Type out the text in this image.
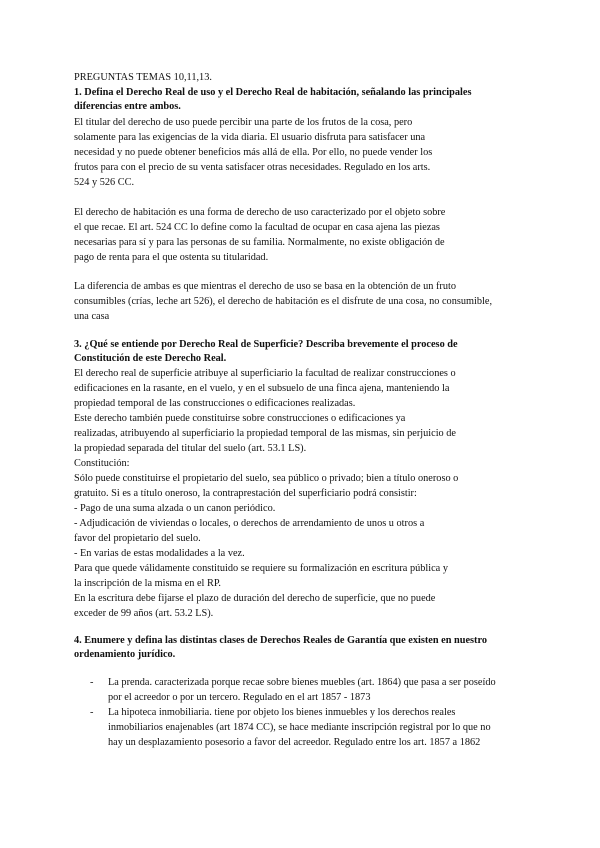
PREGUNTAS TEMAS 10,11,13.
1. Defina el Derecho Real de uso y el Derecho Real de habitación, señalando las principales
diferencias entre ambos.
El titular del derecho de uso puede percibir una parte de los frutos de la cosa, pero
solamente para las exigencias de la vida diaria. El usuario disfruta para satisfacer una
necesidad y no puede obtener beneficios más allá de ella. Por ello, no puede vender los
frutos para con el precio de su venta satisfacer otras necesidades. Regulado en los arts.
524 y 526 CC.
El derecho de habitación es una forma de derecho de uso caracterizado por el objeto sobre
el que recae. El art. 524 CC lo define como la facultad de ocupar en casa ajena las piezas
necesarias para sí y para las personas de su familia. Normalmente, no existe obligación de
pago de renta para el que ostenta su titularidad.
La diferencia de ambas es que mientras el derecho de uso se basa en la obtención de un fruto
consumibles (crías, leche art 526), el derecho de habitación es el disfrute de una cosa, no consumible,
una casa
3. ¿Qué se entiende por Derecho Real de Superficie? Describa brevemente el proceso de
Constitución de este Derecho Real.
El derecho real de superficie atribuye al superficiario la facultad de realizar construcciones o
edificaciones en la rasante, en el vuelo, y en el subsuelo de una finca ajena, manteniendo la
propiedad temporal de las construcciones o edificaciones realizadas.
Este derecho también puede constituirse sobre construcciones o edificaciones ya
realizadas, atribuyendo al superficiario la propiedad temporal de las mismas, sin perjuicio de
la propiedad separada del titular del suelo (art. 53.1 LS).
Constitución:
Sólo puede constituirse el propietario del suelo, sea público o privado; bien a título oneroso o
gratuito. Si es a título oneroso, la contraprestación del superficiario podrá consistir:
- Pago de una suma alzada o un canon periódico.
- Adjudicación de viviendas o locales, o derechos de arrendamiento de unos u otros a
favor del propietario del suelo.
- En varias de estas modalidades a la vez.
Para que quede válidamente constituido se requiere su formalización en escritura pública y
la inscripción de la misma en el RP.
En la escritura debe fijarse el plazo de duración del derecho de superficie, que no puede
exceder de 99 años (art. 53.2 LS).
4. Enumere y defina las distintas clases de Derechos Reales de Garantía que existen en nuestro
ordenamiento jurídico.
- La prenda. caracterizada porque recae sobre bienes muebles (art. 1864) que pasa a ser poseído
por el acreedor o por un tercero. Regulado en el art 1857 - 1873
- La hipoteca inmobiliaria. tiene por objeto los bienes inmuebles y los derechos reales
inmobiliarios enajenables (art 1874 CC), se hace mediante inscripción registral por lo que no
hay un desplazamiento posesorio a favor del acreedor. Regulado entre los art. 1857 a 1862
